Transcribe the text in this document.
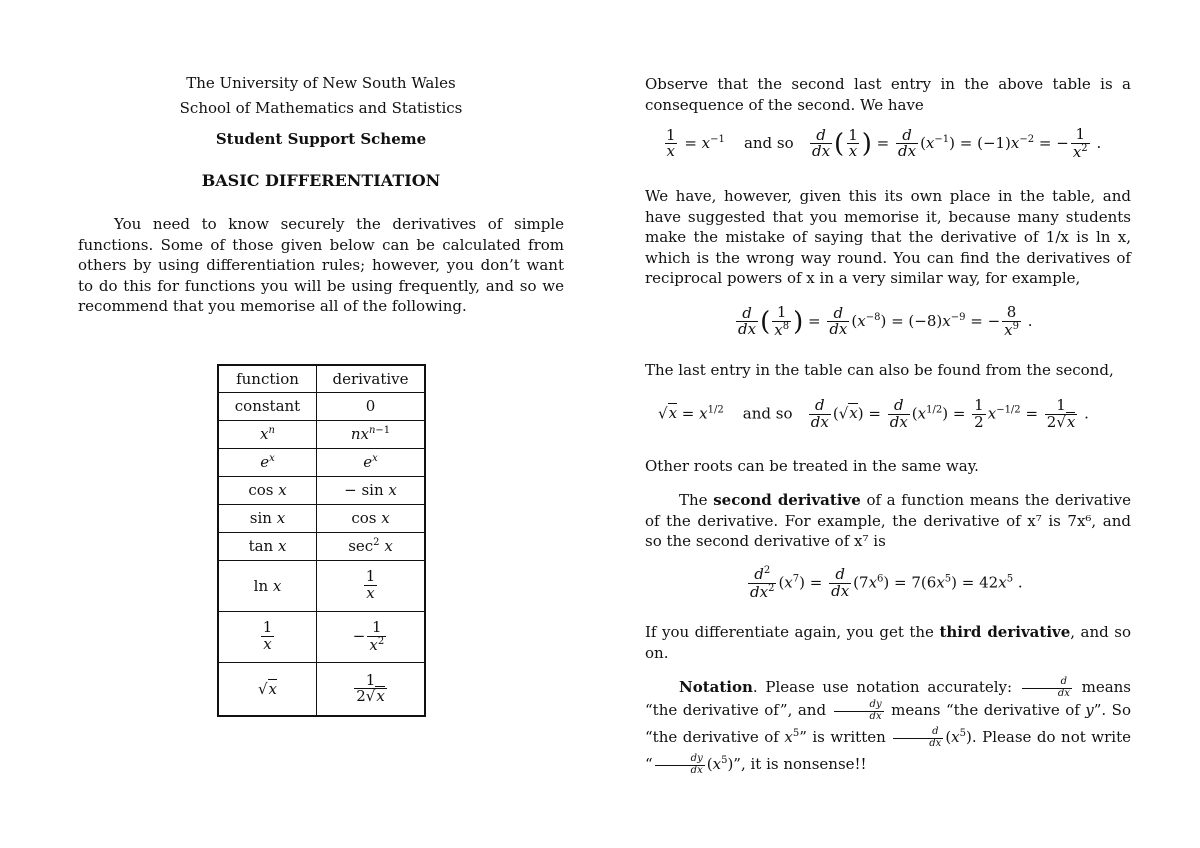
The University of New South Wales
School of Mathematics and Statistics
Student Support Scheme
BASIC DIFFERENTIATION
You need to know securely the derivatives of simple functions. Some of those given below can be calculated from others by using differentiation rules; however, you don’t want to do this for functions you will be using frequently, and so we recommend that you memorise all of the following.
function	derivative
constant	0
$x^n$	$nx^{n-1}$
$e^x$	$e^x$
cos x	− sin x
sin x	cos x
tan x	$\sec^2 x$
ln x	$\frac{1}{x}$

$\frac{1}{x}$	− $\frac{1}{x^2}$

√x	$\frac{1}{2√x}$
Observe that the second last entry in the above table is a consequence of the second. We have
$\frac{1}{x} = x^{-1}$ and so $\frac{d}{dx}$ ( $\frac{1}{x}$ ) = $\frac{d}{dx} (x^{-1}) = (-1)x^{-2}$ = − $\frac{1}{x^2}$ .
We have, however, given this its own place in the table, and have suggested that you memorise it, because many students make the mistake of saying that the derivative of 1/x is ln x, which is the wrong way round. You can find the derivatives of reciprocal powers of x in a very similar way, for example,
$\frac{d}{dx}$ ( $\frac{1}{x^8}$ ) = $\frac{d}{dx} (x^{-8}) = (-8)x^{-9}$ = − $\frac{8}{x^9}$ .
The last entry in the table can also be found from the second,
$√x = x^{1/2}$ and so $\frac{d}{dx} (√x) = \frac{d}{dx} (x^{1/2}) = \frac{1}{2} x^{-1/2} = \frac{1}{2√x}$ .
Other roots can be treated in the same way.
The second derivative of a function means the derivative of the derivative. For example, the derivative of x⁷ is 7x⁶, and so the second derivative of x⁷ is
$\frac{d^2}{dx^2} (x^7) = \frac{d}{dx} (7x^6) = 7(6x^5) = 42x^5$ .
If you differentiate again, you get the third derivative, and so on.
Notation. Please use notation accurately: $\frac{d}{dx}$ means “the derivative of”, and $\frac{dy}{dx}$ means “the derivative of y”. So “the derivative of $x^5$” is written $\frac{d}{dx} (x^5)$. Please do not write “ $\frac{dy}{dx} (x^5)$”, it is nonsense!!
